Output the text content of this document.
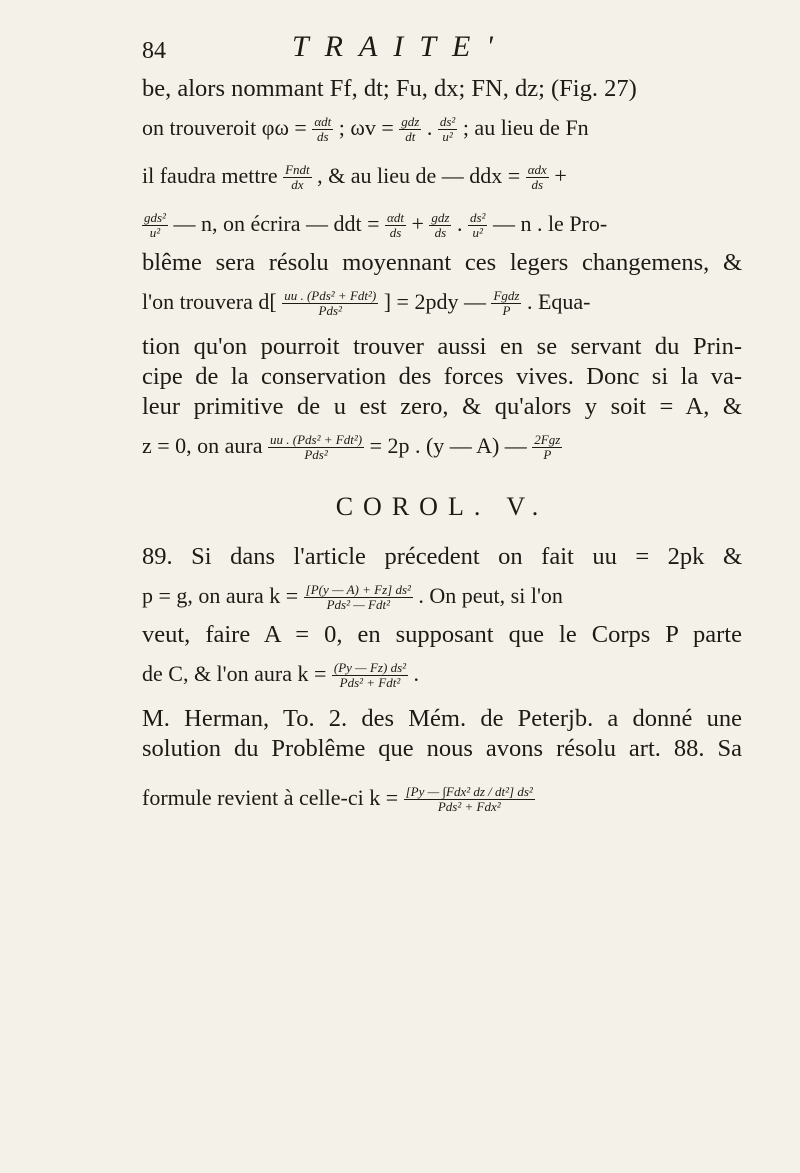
84	TRAITE'
be, alors nommant Ff, dt; Fu, dx; FN, dz; (Fig. 27)
on trouveroit $\varphi\omega = \frac{\text{αdt}}{ds}$ ; $\omega v = \frac{\text{gdz}}{dt}$ . $\frac{\text{ds²}}{\text{u²}}$ ; au lieu de Fn
il faudra mettre $\frac{\text{Fndt}}{dx}$ , & au lieu de — ddx = $\frac{\text{αdx}}{ds}$ +
$\frac{\text{gds²}}{\text{u²}}$ — n, on écrira — ddt = $\frac{\text{αdt}}{ds} + \frac{\text{gdz}}{ds}$ . $\frac{\text{ds²}}{\text{u²}}$ — n . le Pro-
blême sera résolu moyennant ces legers changemens, &
l'on trouvera $d[ \frac{\text{uu . (Pds² + Fdt²)}}{\text{Pds²}}$ ] = 2pdy — $\frac{\text{Fgdz}}{P}$ . Equa-
tion qu'on pourroit trouver aussi en se servant du Prin-
cipe de la conservation des forces vives. Donc si la va-
leur primitive de u est zero, & qu'alors y soit = A, &
z = 0, on aura $\frac{\text{uu . (Pds² + Fdt²)}}{\text{Pds²}} = 2p$ . (y — A) — $\frac{\text{2Fgz}}{P}$
COROL. V.
89. Si dans l'article précedent on fait uu = 2pk &
p = g, on aura $k = \frac{\text{[P(y — A) + Fz] ds²}}{\text{Pds² — Fdt²}}$ . On peut, si l'on
veut, faire A = 0, en supposant que le Corps P parte
de C, & l'on aura $k = \frac{\text{(Py — Fz) ds²}}{\text{Pds² + Fdt²}}$ .
M. Herman, To. 2. des Mém. de Peterjb. a donné une
solution du Problême que nous avons résolu art. 88. Sa
formule revient à celle-ci $k = \frac{\text{[Py — ∫Fdx² dz / dt²] ds²}}{\text{Pds² + Fdx²}}$
